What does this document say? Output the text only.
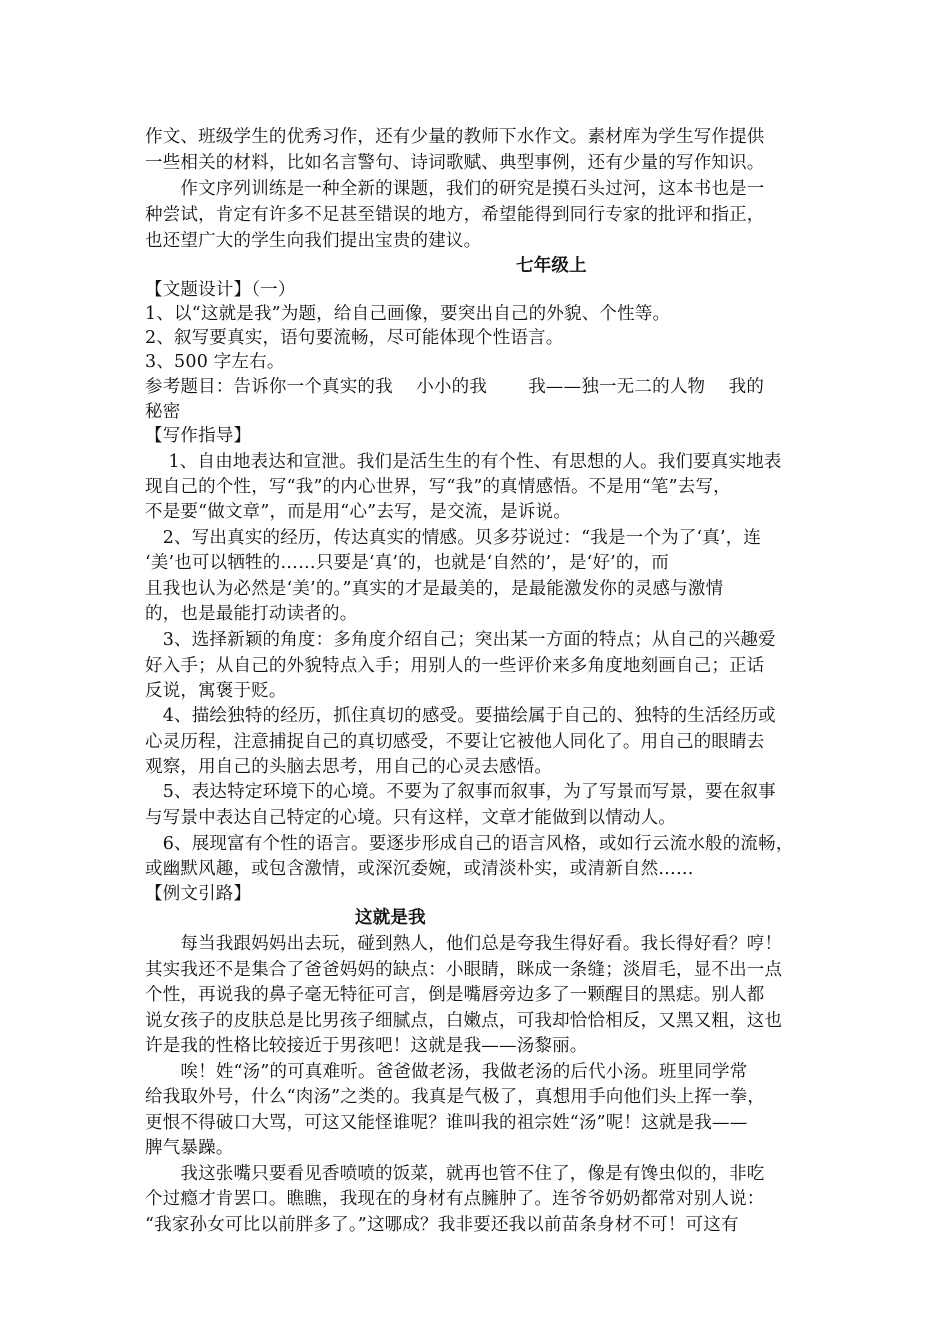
作文、班级学生的优秀习作，还有少量的教师下水作文。素材库为学生写作提供
一些相关的材料，比如名言警句、诗词歌赋、典型事例，还有少量的写作知识。
　　作文序列训练是一种全新的课题，我们的研究是摸石头过河，这本书也是一
种尝试，肯定有许多不足甚至错误的地方，希望能得到同行专家的批评和指正，
也还望广大的学生向我们提出宝贵的建议。
七年级上
【文题设计】（一）
1、以“这就是我”为题，给自己画像，要突出自己的外貌、个性等。
2、叙写要真实，语句要流畅，尽可能体现个性语言。
3、500 字左右。
参考题目：告诉你一个真实的我　 小小的我　　 我——独一无二的人物　 我的
秘密
【写作指导】
　 1、自由地表达和宣泄。我们是活生生的有个性、有思想的人。我们要真实地表
现自己的个性，写“我”的内心世界，写“我”的真情感悟。不是用“笔”去写，
不是要“做文章”，而是用“心”去写，是交流，是诉说。
　2、写出真实的经历，传达真实的情感。贝多芬说过：“我是一个为了‘真’，连
‘美’也可以牺牲的……只要是‘真’的，也就是‘自然的’，是‘好’的，而
且我也认为必然是‘美’的。”真实的才是最美的，是最能激发你的灵感与激情
的，也是最能打动读者的。
　3、选择新颖的角度：多角度介绍自己；突出某一方面的特点；从自己的兴趣爱
好入手；从自己的外貌特点入手；用别人的一些评价来多角度地刻画自己；正话
反说，寓褒于贬。
　4、描绘独特的经历，抓住真切的感受。要描绘属于自己的、独特的生活经历或
心灵历程，注意捕捉自己的真切感受，不要让它被他人同化了。用自己的眼睛去
观察，用自己的头脑去思考，用自己的心灵去感悟。
　5、表达特定环境下的心境。不要为了叙事而叙事，为了写景而写景，要在叙事
与写景中表达自己特定的心境。只有这样，文章才能做到以情动人。
　6、展现富有个性的语言。要逐步形成自己的语言风格，或如行云流水般的流畅，
或幽默风趣，或包含激情，或深沉委婉，或清淡朴实，或清新自然……
【例文引路】
这就是我
　　每当我跟妈妈出去玩，碰到熟人，他们总是夸我生得好看。我长得好看？哼！
其实我还不是集合了爸爸妈妈的缺点：小眼睛，眯成一条缝；淡眉毛，显不出一点
个性，再说我的鼻子毫无特征可言，倒是嘴唇旁边多了一颗醒目的黑痣。别人都
说女孩子的皮肤总是比男孩子细腻点，白嫩点，可我却恰恰相反，又黑又粗，这也
许是我的性格比较接近于男孩吧！这就是我——汤黎丽。
　　唉！姓“汤”的可真难听。爸爸做老汤，我做老汤的后代小汤。班里同学常
给我取外号，什么“肉汤”之类的。我真是气极了，真想用手向他们头上挥一拳，
更恨不得破口大骂，可这又能怪谁呢？谁叫我的祖宗姓“汤”呢！这就是我——
脾气暴躁。
　　我这张嘴只要看见香喷喷的饭菜，就再也管不住了，像是有馋虫似的，非吃
个过瘾才肯罢口。瞧瞧，我现在的身材有点臃肿了。连爷爷奶奶都常对别人说：
“我家孙女可比以前胖多了。”这哪成？我非要还我以前苗条身材不可！可这有
